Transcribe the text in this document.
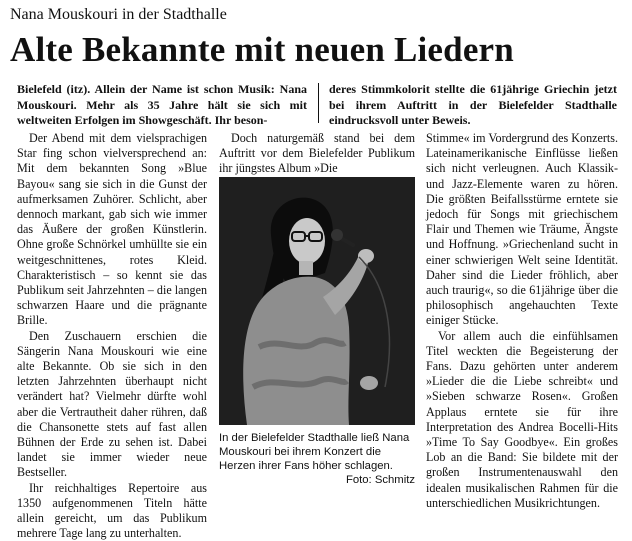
Nana Mouskouri in der Stadthalle
Alte Bekannte mit neuen Liedern
Bielefeld (itz). Allein der Name ist schon Musik: Nana Mouskouri. Mehr als 35 Jahre hält sie sich mit weltweiten Erfolgen im Showgeschäft. Ihr beson-
deres Stimmkolorit stellte die 61jährige Griechin jetzt bei ihrem Auftritt in der Bielefelder Stadthalle eindrucksvoll unter Beweis.

Der Abend mit dem vielsprachigen Star fing schon vielversprechend an: Mit dem bekannten Song »Blue Bayou« sang sie sich in die Gunst der aufmerksamen Zuhörer. Schlicht, aber dennoch markant, gab sich wie immer das Äußere der großen Künstlerin. Ohne große Schnörkel umhüllte sie ein weitgeschnittenes, rotes Kleid. Charakteristisch – so kennt sie das Publikum seit Jahrzehnten – die langen schwarzen Haare und die prägnante Brille.

Den Zuschauern erschien die Sängerin Nana Mouskouri wie eine alte Bekannte. Ob sie sich in den letzten Jahrzehnten überhaupt nicht verändert hat? Vielmehr dürfte wohl aber die Vertrautheit daher rühren, daß die Chansonette stets auf fast allen Bühnen der Erde zu sehen ist. Dabei landet sie immer wieder neue Bestseller.

Ihr reichhaltiges Repertoire aus 1350 aufgenommenen Titeln hätte allein gereicht, um das Publikum mehrere Tage lang zu unterhalten.

Doch naturgemäß stand bei dem Auftritt vor dem Bielefelder Publikum ihr jüngstes Album »Die

In der Bielefelder Stadthalle ließ Nana Mouskouri bei ihrem Konzert die Herzen ihrer Fans höher schlagen.
Foto: Schmitz

Stimme« im Vordergrund des Konzerts. Lateinamerikanische Einflüsse ließen sich nicht verleugnen. Auch Klassik- und Jazz-Elemente waren zu hören. Die größten Beifallsstürme erntete sie jedoch für Songs mit griechischem Flair und Themen wie Träume, Ängste und Hoffnung. »Griechenland sucht in einer schwierigen Welt seine Identität. Daher sind die Lieder fröhlich, aber auch traurig«, so die 61jährige über die philosophisch angehauchten Texte einiger Stücke.

Vor allem auch die einfühlsamen Titel weckten die Begeisterung der Fans. Dazu gehörten unter anderem »Lieder die die Liebe schreibt« und »Sieben schwarze Rosen«. Großen Applaus erntete sie für ihre Interpretation des Andrea Bocelli-Hits »Time To Say Goodbye«. Ein großes Lob an die Band: Sie bildete mit der großen Instrumentenauswahl den idealen musikalischen Rahmen für die unterschiedlichen Musikrichtungen.
